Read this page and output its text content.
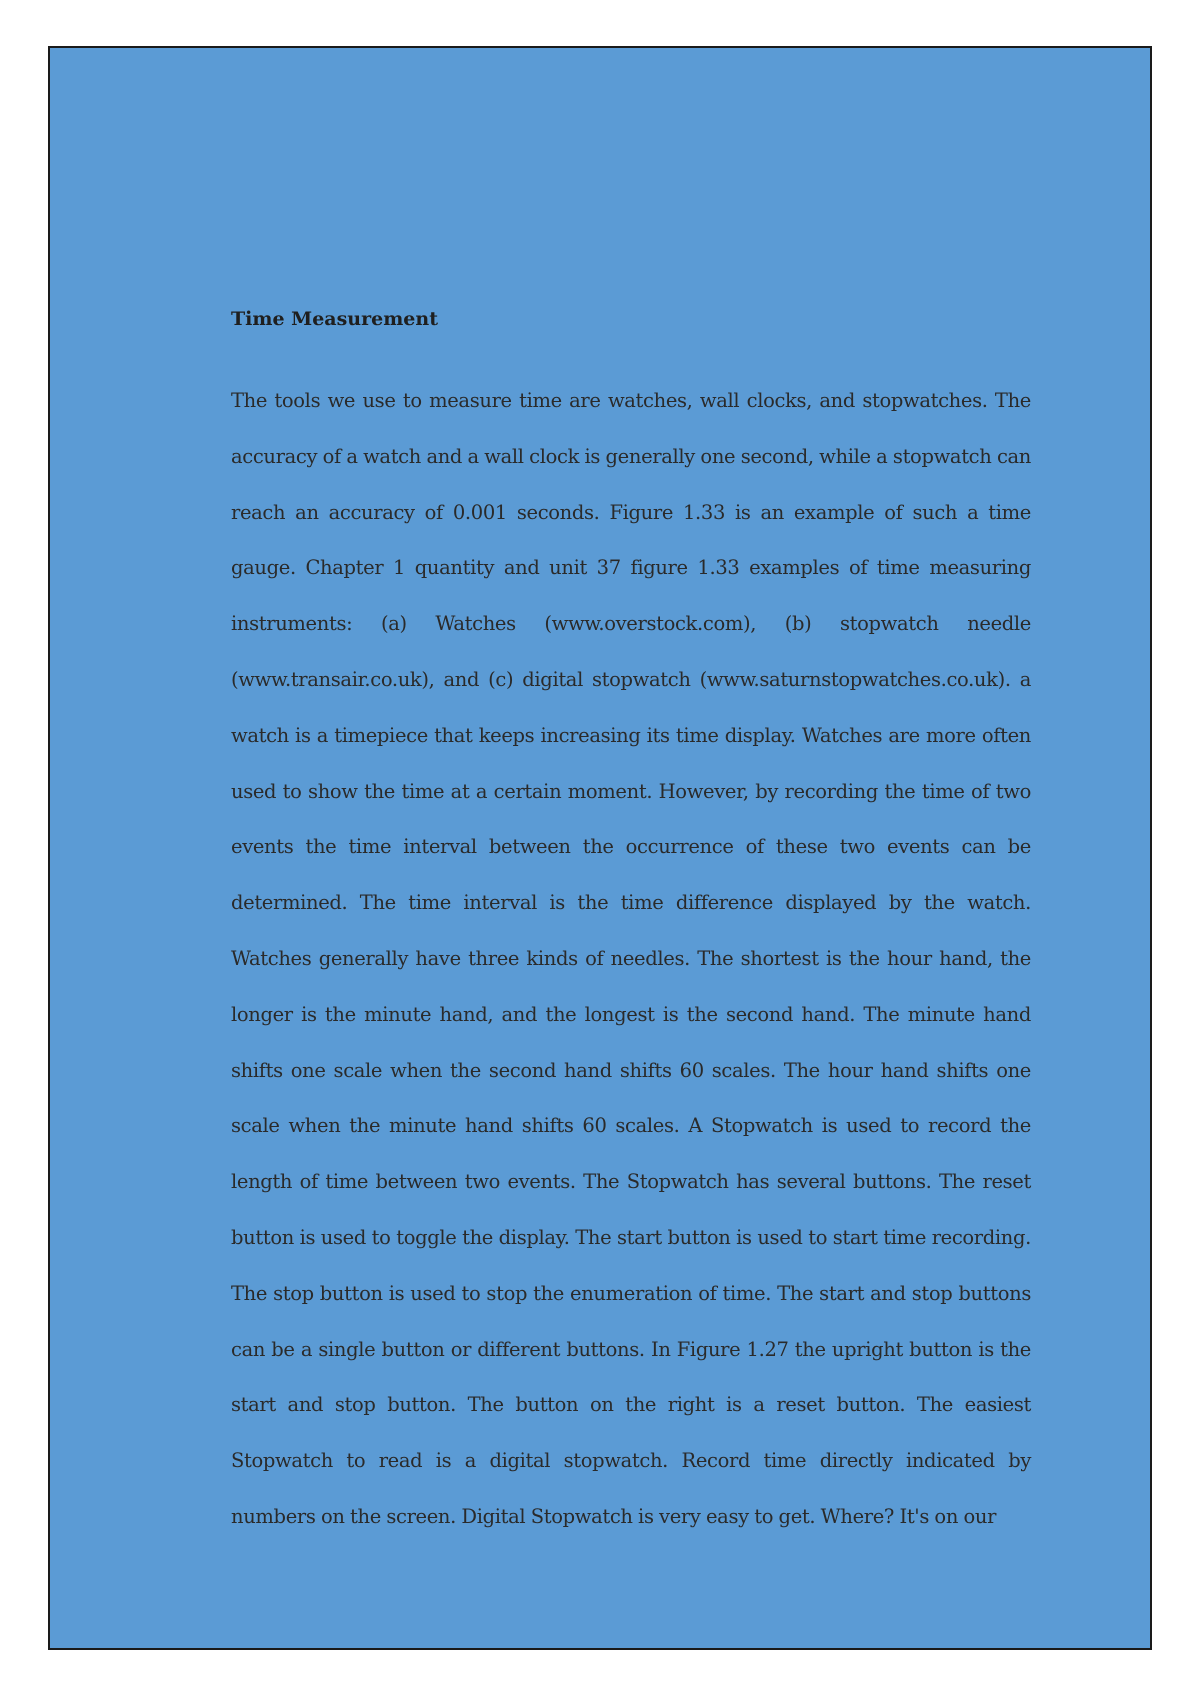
Time Measurement
The tools we use to measure time are watches, wall clocks, and stopwatches. The accuracy of a watch and a wall clock is generally one second, while a stopwatch can reach an accuracy of 0.001 seconds. Figure 1.33 is an example of such a time gauge. Chapter 1 quantity and unit 37 figure 1.33 examples of time measuring instruments: (a) Watches (www.overstock.com), (b) stopwatch needle (www.transair.co.uk), and (c) digital stopwatch (www.saturnstopwatches.co.uk). a watch is a timepiece that keeps increasing its time display. Watches are more often used to show the time at a certain moment. However, by recording the time of two events the time interval between the occurrence of these two events can be determined. The time interval is the time difference displayed by the watch. Watches generally have three kinds of needles. The shortest is the hour hand, the longer is the minute hand, and the longest is the second hand. The minute hand shifts one scale when the second hand shifts 60 scales. The hour hand shifts one scale when the minute hand shifts 60 scales. A Stopwatch is used to record the length of time between two events. The Stopwatch has several buttons. The reset button is used to toggle the display. The start button is used to start time recording. The stop button is used to stop the enumeration of time. The start and stop buttons can be a single button or different buttons. In Figure 1.27 the upright button is the start and stop button. The button on the right is a reset button. The easiest Stopwatch to read is a digital stopwatch. Record time directly indicated by numbers on the screen. Digital Stopwatch is very easy to get. Where? It's on our
